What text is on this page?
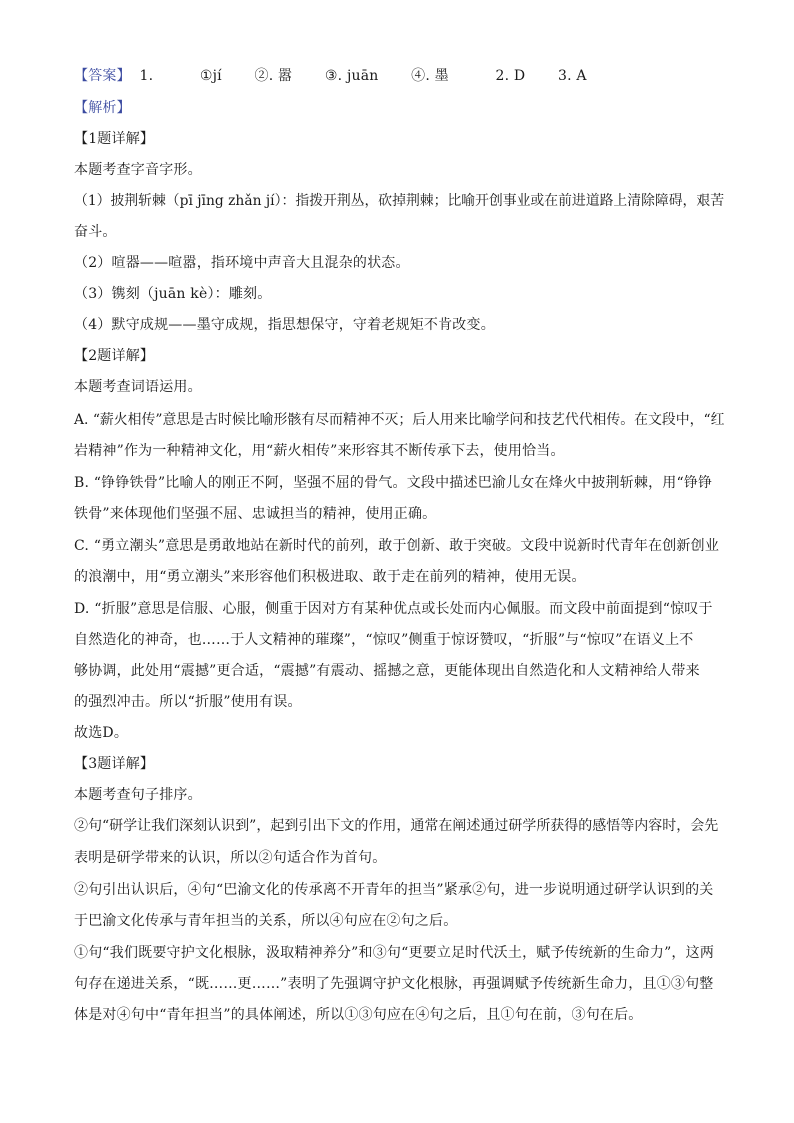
【答案】 1.	①jí ②. 嚣 ③. juān ④. 墨	2. D 3. A
【解析】
【1题详解】
本题考查字音字形。
（1）披荆斩棘（pī jīng zhǎn jí）：指拨开荆丛，砍掉荆棘；比喻开创事业或在前进道路上清除障碍，艰苦
奋斗。
（2）喧器——喧嚣，指环境中声音大且混杂的状态。
（3）镌刻（juān kè）：雕刻。
（4）默守成规——墨守成规，指思想保守，守着老规矩不肯改变。
【2题详解】
本题考查词语运用。
A. “薪火相传”意思是古时候比喻形骸有尽而精神不灭；后人用来比喻学问和技艺代代相传。在文段中，“红
岩精神”作为一种精神文化，用“薪火相传”来形容其不断传承下去，使用恰当。
B. “铮铮铁骨”比喻人的刚正不阿，坚强不屈的骨气。文段中描述巴渝儿女在烽火中披荆斩棘，用“铮铮
铁骨”来体现他们坚强不屈、忠诚担当的精神，使用正确。
C. “勇立潮头”意思是勇敢地站在新时代的前列，敢于创新、敢于突破。文段中说新时代青年在创新创业
的浪潮中，用“勇立潮头”来形容他们积极进取、敢于走在前列的精神，使用无误。
D. “折服”意思是信服、心服，侧重于因对方有某种优点或长处而内心佩服。而文段中前面提到“惊叹于
自然造化的神奇，也……于人文精神的璀璨”，“惊叹”侧重于惊讶赞叹，“折服”与“惊叹”在语义上不
够协调，此处用“震撼”更合适，“震撼”有震动、摇撼之意，更能体现出自然造化和人文精神给人带来
的强烈冲击。所以“折服”使用有误。
故选D。
【3题详解】
本题考查句子排序。
②句“研学让我们深刻认识到”，起到引出下文的作用，通常在阐述通过研学所获得的感悟等内容时，会先
表明是研学带来的认识，所以②句适合作为首句。
②句引出认识后，④句“巴渝文化的传承离不开青年的担当”紧承②句，进一步说明通过研学认识到的关
于巴渝文化传承与青年担当的关系，所以④句应在②句之后。
①句“我们既要守护文化根脉，汲取精神养分”和③句“更要立足时代沃土，赋予传统新的生命力”，这两
句存在递进关系，“既……更……”表明了先强调守护文化根脉，再强调赋予传统新生命力，且①③句整
体是对④句中“青年担当”的具体阐述，所以①③句应在④句之后，且①句在前，③句在后。
